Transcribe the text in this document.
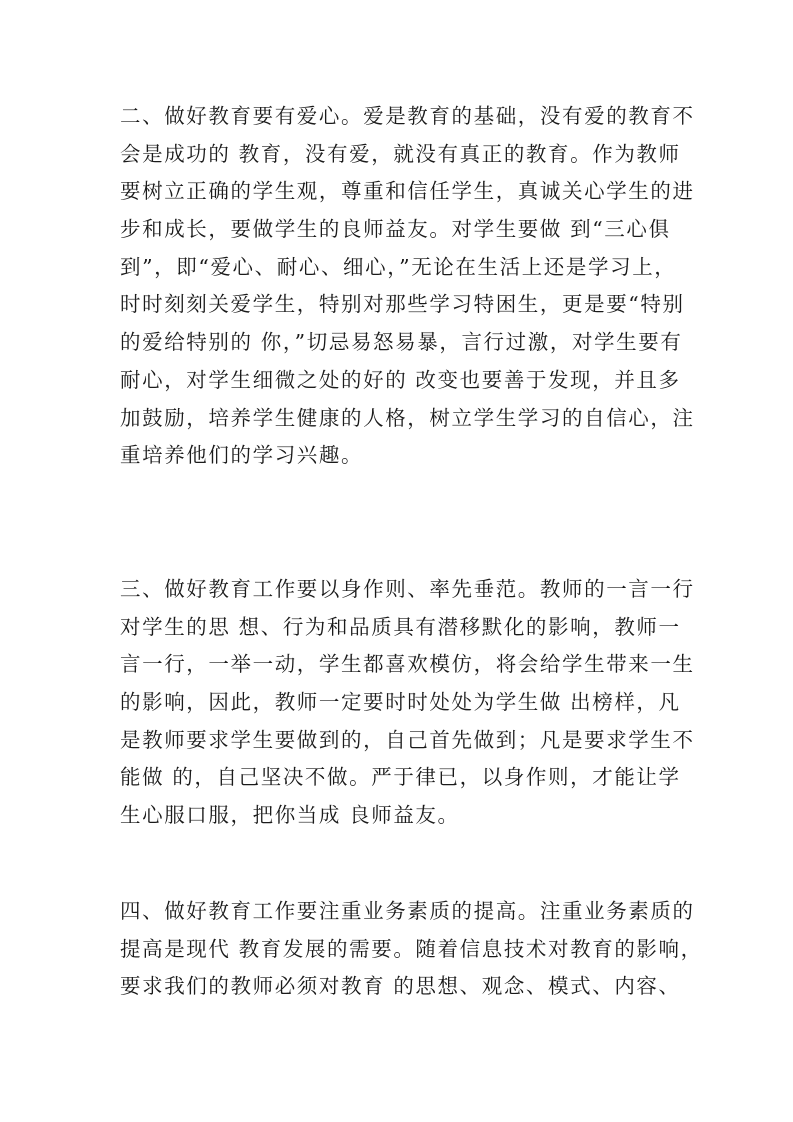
二、做好教育要有爱心。爱是教育的基础，没有爱的教育不
会是成功的 教育，没有爱，就没有真正的教育。作为教师
要树立正确的学生观，尊重和信任学生，真诚关心学生的进
步和成长，要做学生的良师益友。对学生要做 到“三心俱
到”，即“爱心、耐心、细心，”无论在生活上还是学习上，
时时刻刻关爱学生，特别对那些学习特困生，更是要“特别
的爱给特别的 你，”切忌易怒易暴，言行过激，对学生要有
耐心，对学生细微之处的好的 改变也要善于发现，并且多
加鼓励，培养学生健康的人格，树立学生学习的自信心，注
重培养他们的学习兴趣。

三、做好教育工作要以身作则、率先垂范。教师的一言一行
对学生的思 想、行为和品质具有潜移默化的影响，教师一
言一行，一举一动，学生都喜欢模仿，将会给学生带来一生
的影响，因此，教师一定要时时处处为学生做 出榜样，凡
是教师要求学生要做到的，自己首先做到；凡是要求学生不
能做 的，自己坚决不做。严于律已，以身作则，才能让学
生心服口服，把你当成 良师益友。

四、做好教育工作要注重业务素质的提高。注重业务素质的
提高是现代 教育发展的需要。随着信息技术对教育的影响，
要求我们的教师必须对教育 的思想、观念、模式、内容、
